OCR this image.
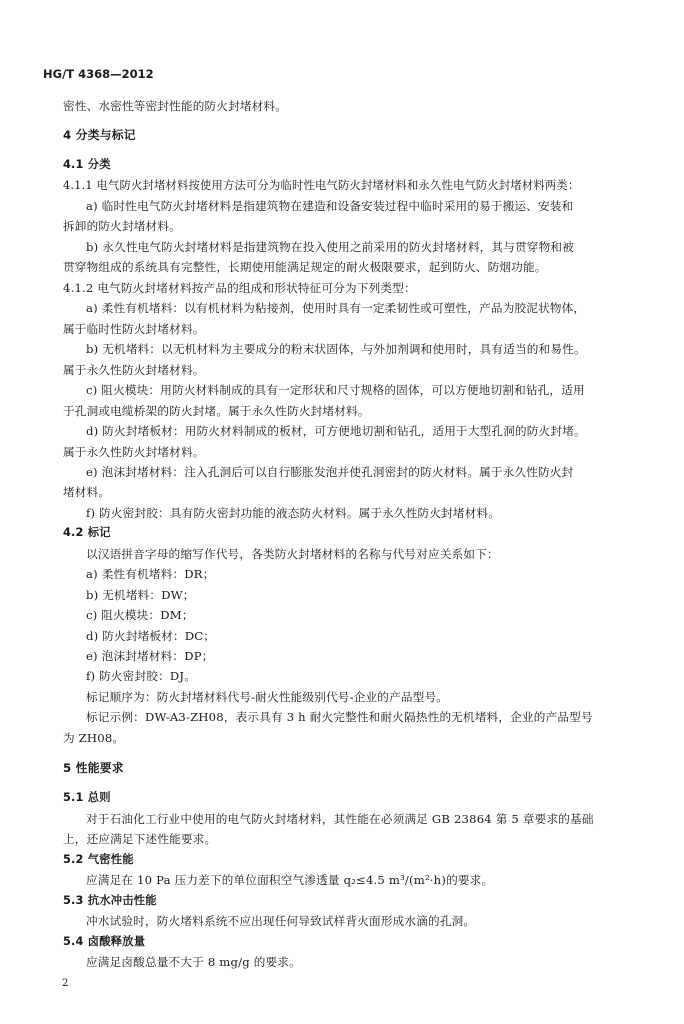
HG/T 4368—2012
密性、水密性等密封性能的防火封堵材料。
4 分类与标记
4.1 分类
4.1.1 电气防火封堵材料按使用方法可分为临时性电气防火封堵材料和永久性电气防火封堵材料两类：
a) 临时性电气防火封堵材料是指建筑物在建造和设备安装过程中临时采用的易于搬运、安装和
拆卸的防火封堵材料。
b) 永久性电气防火封堵材料是指建筑物在投入使用之前采用的防火封堵材料，其与贯穿物和被
贯穿物组成的系统具有完整性，长期使用能满足规定的耐火极限要求，起到防火、防烟功能。
4.1.2 电气防火封堵材料按产品的组成和形状特征可分为下列类型：
a) 柔性有机堵料：以有机材料为粘接剂，使用时具有一定柔韧性或可塑性，产品为胶泥状物体，
属于临时性防火封堵材料。
b) 无机堵料：以无机材料为主要成分的粉末状固体，与外加剂调和使用时，具有适当的和易性。
属于永久性防火封堵材料。
c) 阻火模块：用防火材料制成的具有一定形状和尺寸规格的固体，可以方便地切割和钻孔，适用
于孔洞或电缆桥架的防火封堵。属于永久性防火封堵材料。
d) 防火封堵板材：用防火材料制成的板材，可方便地切割和钻孔，适用于大型孔洞的防火封堵。
属于永久性防火封堵材料。
e) 泡沫封堵材料：注入孔洞后可以自行膨胀发泡并使孔洞密封的防火材料。属于永久性防火封
堵材料。
f) 防火密封胶：具有防火密封功能的液态防火材料。属于永久性防火封堵材料。
4.2 标记
以汉语拼音字母的缩写作代号，各类防火封堵材料的名称与代号对应关系如下：
a) 柔性有机堵料：DR；
b) 无机堵料：DW；
c) 阻火模块：DM；
d) 防火封堵板材：DC；
e) 泡沫封堵材料：DP；
f) 防火密封胶：DJ。
标记顺序为：防火封堵材料代号-耐火性能级别代号-企业的产品型号。
标记示例：DW-A3-ZH08，表示具有 3 h 耐火完整性和耐火隔热性的无机堵料，企业的产品型号
为 ZH08。
5 性能要求
5.1 总则
对于石油化工行业中使用的电气防火封堵材料，其性能在必须满足 GB 23864 第 5 章要求的基础
上，还应满足下述性能要求。
5.2 气密性能
应满足在 10 Pa 压力差下的单位面积空气渗透量 q₂≤4.5 m³/(m²·h)的要求。
5.3 抗水冲击性能
冲水试验时，防火堵料系统不应出现任何导致试样背火面形成水滴的孔洞。
5.4 卤酸释放量
应满足卤酸总量不大于 8 mg/g 的要求。
2
